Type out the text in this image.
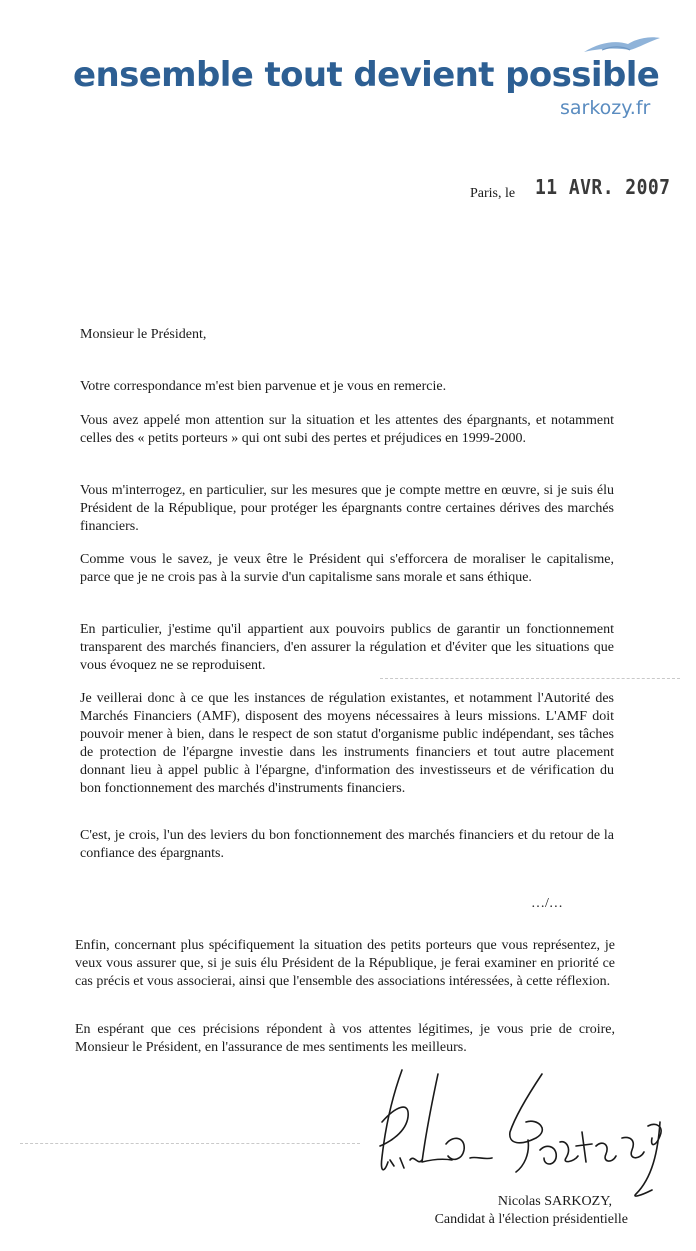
ensemble tout devient possible
sarkozy.fr
Paris, le 11 AVR. 2007
Monsieur le Président,
Votre correspondance m'est bien parvenue et je vous en remercie.
Vous avez appelé mon attention sur la situation et les attentes des épargnants, et notamment celles des « petits porteurs » qui ont subi des pertes et préjudices en 1999-2000.
Vous m'interrogez, en particulier, sur les mesures que je compte mettre en œuvre, si je suis élu Président de la République, pour protéger les épargnants contre certaines dérives des marchés financiers.
Comme vous le savez, je veux être le Président qui s'efforcera de moraliser le capitalisme, parce que je ne crois pas à la survie d'un capitalisme sans morale et sans éthique.
En particulier, j'estime qu'il appartient aux pouvoirs publics de garantir un fonctionnement transparent des marchés financiers, d'en assurer la régulation et d'éviter que les situations que vous évoquez ne se reproduisent.
Je veillerai donc à ce que les instances de régulation existantes, et notamment l'Autorité des Marchés Financiers (AMF), disposent des moyens nécessaires à leurs missions. L'AMF doit pouvoir mener à bien, dans le respect de son statut d'organisme public indépendant, ses tâches de protection de l'épargne investie dans les instruments financiers et tout autre placement donnant lieu à appel public à l'épargne, d'information des investisseurs et de vérification du bon fonctionnement des marchés d'instruments financiers.
C'est, je crois, l'un des leviers du bon fonctionnement des marchés financiers et du retour de la confiance des épargnants.
…/…
Enfin, concernant plus spécifiquement la situation des petits porteurs que vous représentez, je veux vous assurer que, si je suis élu Président de la République, je ferai examiner en priorité ce cas précis et vous associerai, ainsi que l'ensemble des associations intéressées, à cette réflexion.
En espérant que ces précisions répondent à vos attentes légitimes, je vous prie de croire, Monsieur le Président, en l'assurance de mes sentiments les meilleurs.
Nicolas SARKOZY,
Candidat à l'élection présidentielle
